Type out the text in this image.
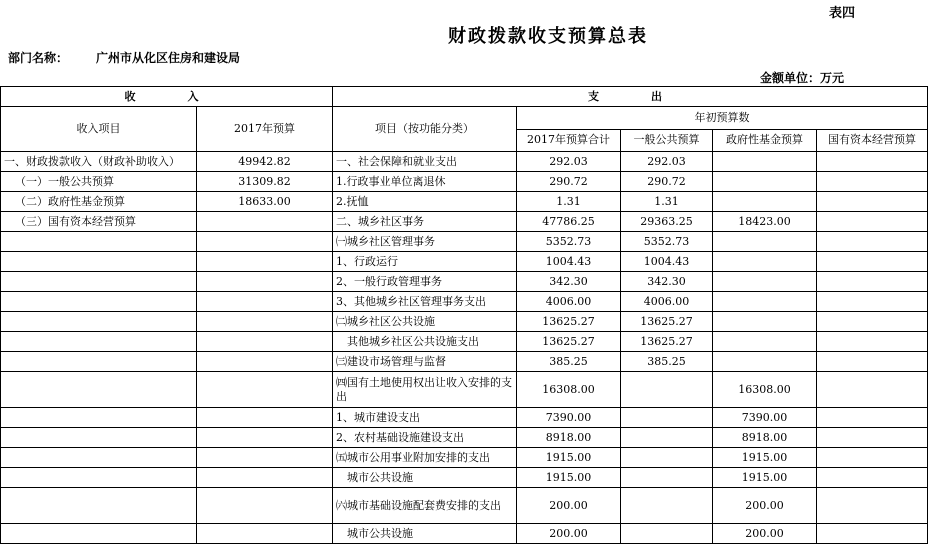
表四
财政拨款收支预算总表
部门名称： 广州市从化区住房和建设局
金额单位：万元
收　　入		支　　出				
收入项目	2017年预算	项目（按功能分类）	年初预算数			
			2017年预算合计	一般公共预算	政府性基金预算	国有资本经营预算
一、财政拨款收入（财政补助收入）	49942.82	一、社会保障和就业支出	292.03	292.03		
（一）一般公共预算	31309.82	1.行政事业单位离退休	290.72	290.72		
（二）政府性基金预算	18633.00	2.抚恤	1.31	1.31		
（三）国有资本经营预算		二、城乡社区事务	47786.25	29363.25	18423.00	
		㈠城乡社区管理事务	5352.73	5352.73		
		1、行政运行	1004.43	1004.43		
		2、一般行政管理事务	342.30	342.30		
		3、其他城乡社区管理事务支出	4006.00	4006.00		
		㈡城乡社区公共设施	13625.27	13625.27		
		其他城乡社区公共设施支出	13625.27	13625.27		
		㈢建设市场管理与监督	385.25	385.25		
		㈣国有土地使用权出让收入安排的支出	16308.00		16308.00	
		1、城市建设支出	7390.00		7390.00	
		2、农村基础设施建设支出	8918.00		8918.00	
		㈤城市公用事业附加安排的支出	1915.00		1915.00	
		城市公共设施	1915.00		1915.00	
		㈥城市基础设施配套费安排的支出	200.00		200.00	
		城市公共设施	200.00		200.00	
